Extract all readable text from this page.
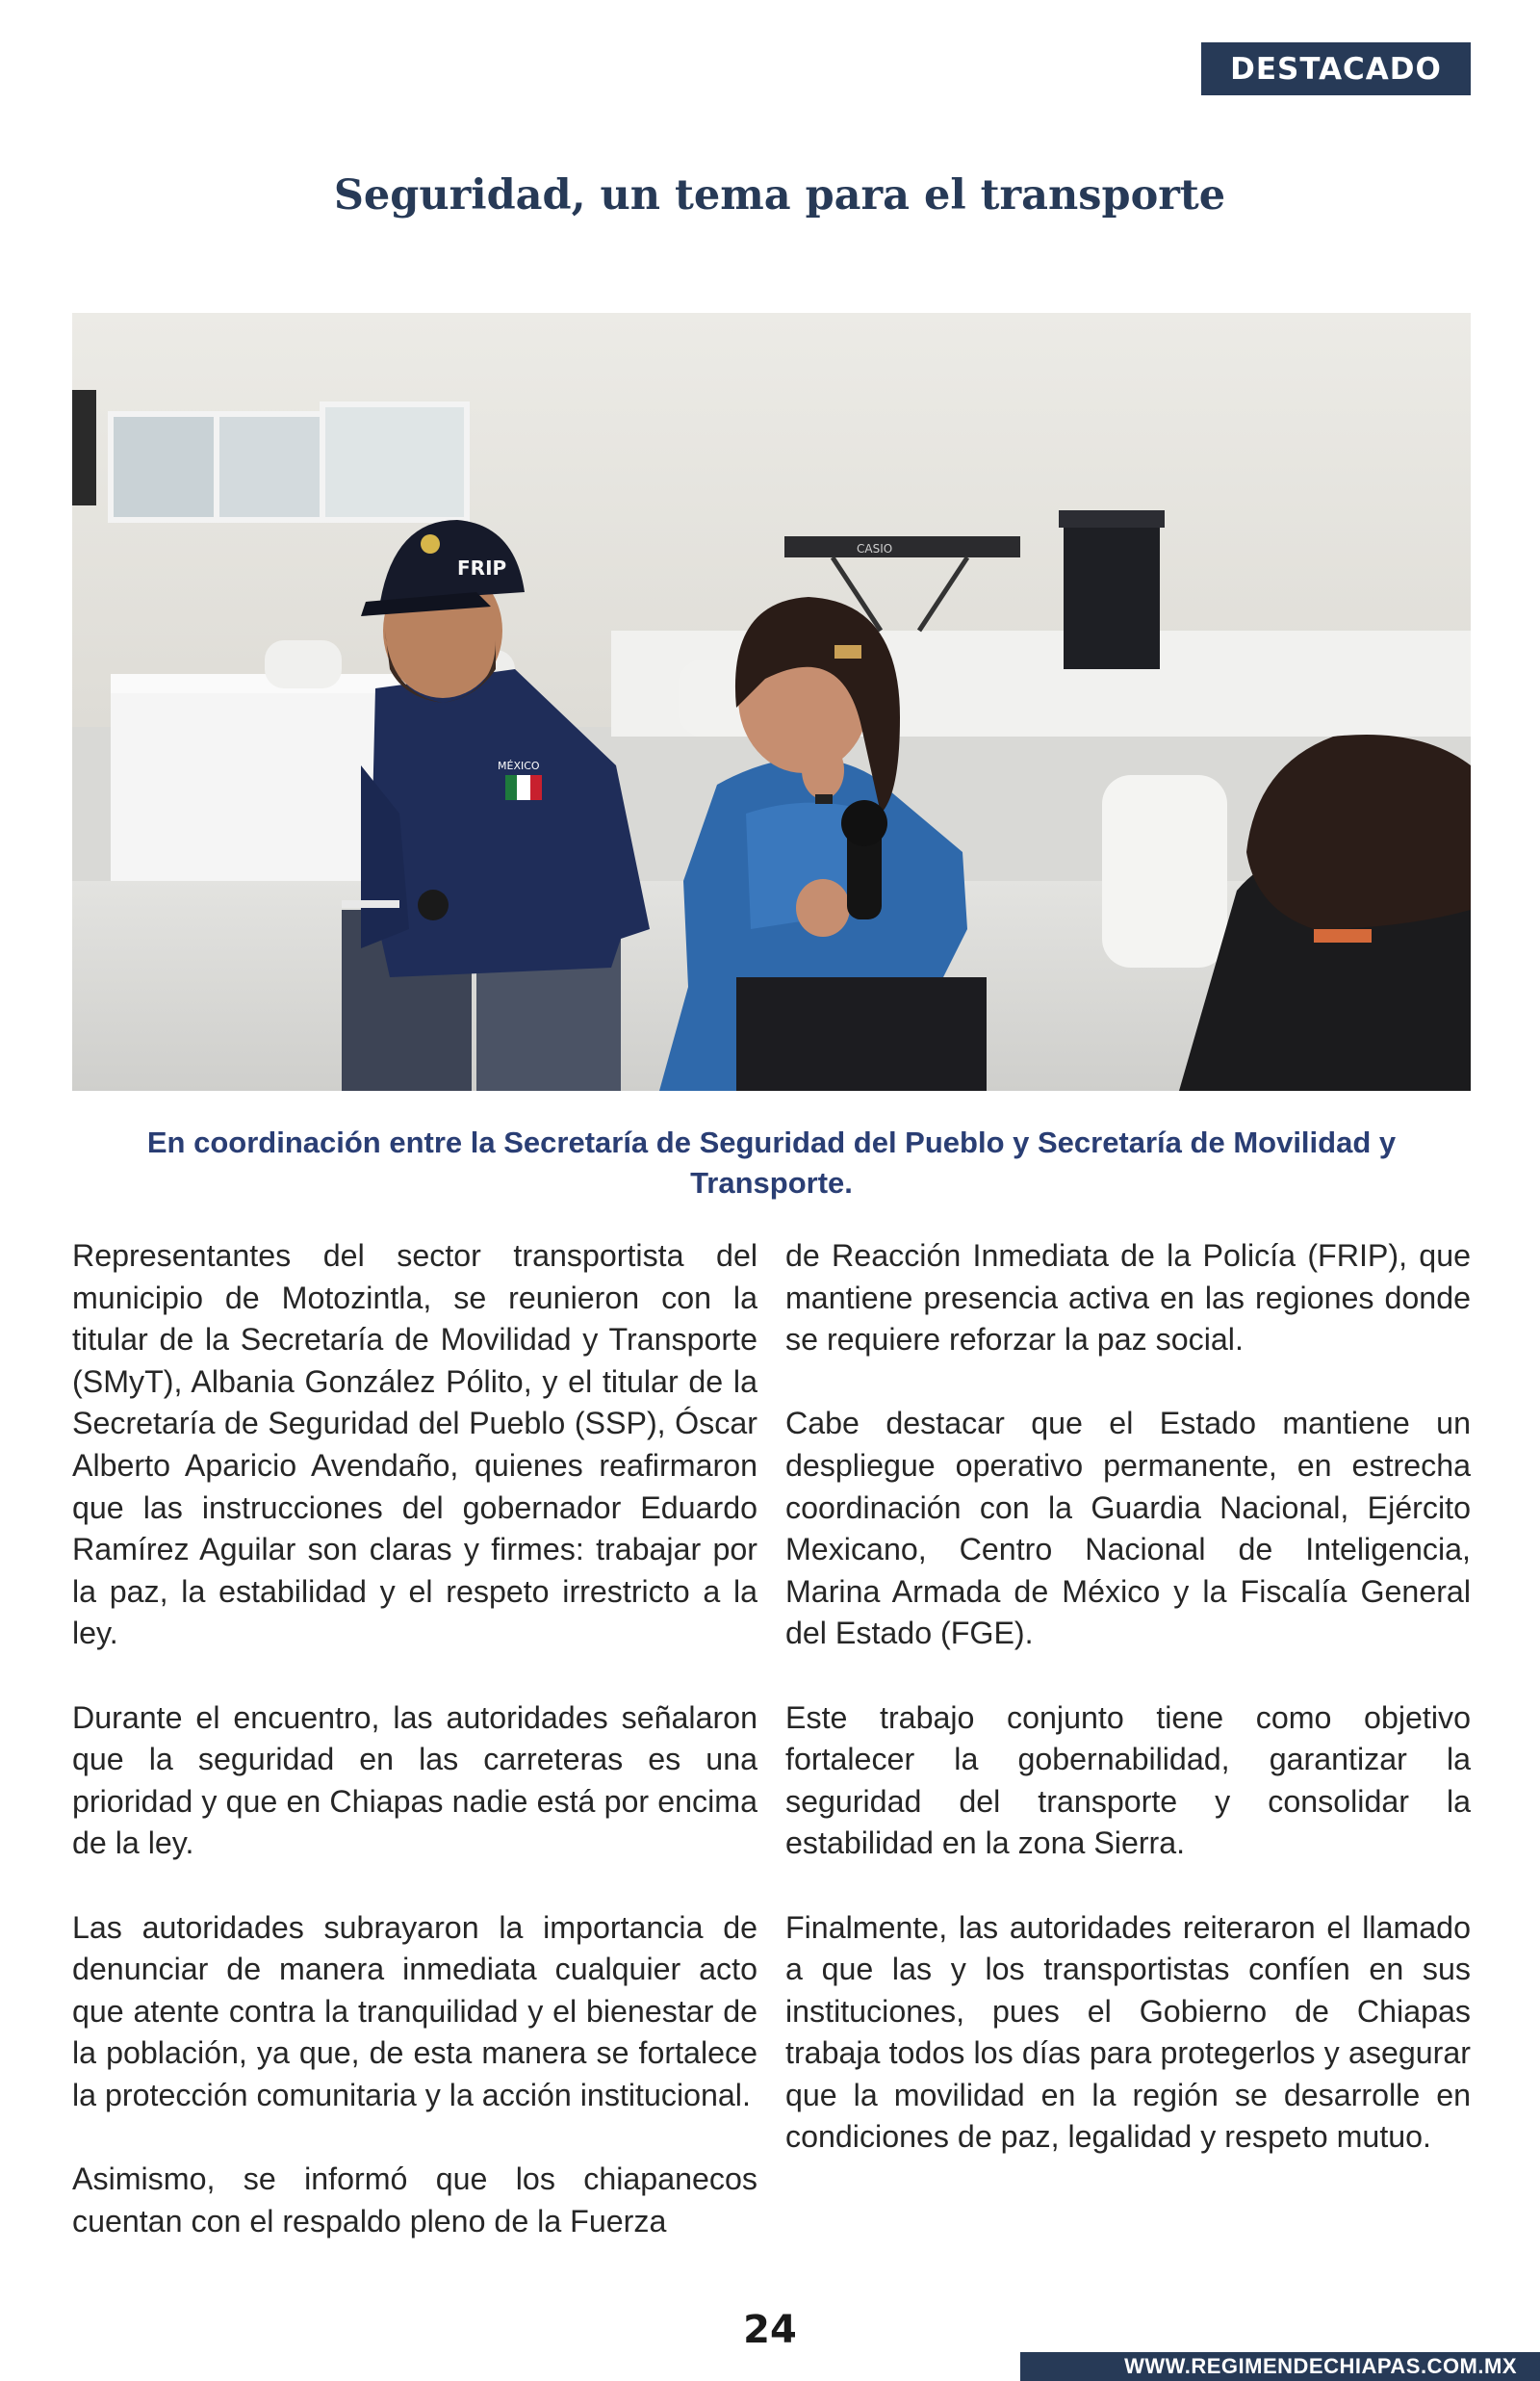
DESTACADO
Seguridad, un tema para el transporte
CASIO
MÉXICO
FRIP

En coordinación entre la Secretaría de Seguridad del Pueblo y Secretaría de Movilidad y Transporte.

Representantes del sector transportista del municipio de Motozintla, se reunieron con la titular de la Secretaría de Movilidad y Transporte (SMyT), Albania González Pólito, y el titular de la Secretaría de Seguridad del Pueblo (SSP), Óscar Alberto Aparicio Avendaño, quienes reafirmaron que las instrucciones del gobernador Eduardo Ramírez Aguilar son claras y firmes: trabajar por la paz, la estabilidad y el respeto irrestricto a la ley.

Durante el encuentro, las autoridades señalaron que la seguridad en las carreteras es una prioridad y que en Chiapas nadie está por encima de la ley.

Las autoridades subrayaron la importancia de denunciar de manera inmediata cualquier acto que atente contra la tranquilidad y el bienestar de la población, ya que, de esta manera se fortalece la protección comunitaria y la acción institucional.

Asimismo, se informó que los chiapanecos cuentan con el respaldo pleno de la Fuerza

de Reacción Inmediata de la Policía (FRIP), que mantiene presencia activa en las regiones donde se requiere reforzar la paz social.

Cabe destacar que el Estado mantiene un despliegue operativo permanente, en estrecha coordinación con la Guardia Nacional, Ejército Mexicano, Centro Nacional de Inteligencia, Marina Armada de México y la Fiscalía General del Estado (FGE).

Este trabajo conjunto tiene como objetivo fortalecer la gobernabilidad, garantizar la seguridad del transporte y consolidar la estabilidad en la zona Sierra.

Finalmente, las autoridades reiteraron el llamado a que las y los transportistas confíen en sus instituciones, pues el Gobierno de Chiapas trabaja todos los días para protegerlos y asegurar que la movilidad en la región se desarrolle en condiciones de paz, legalidad y respeto mutuo.

24
WWW.REGIMENDECHIAPAS.COM.MX
